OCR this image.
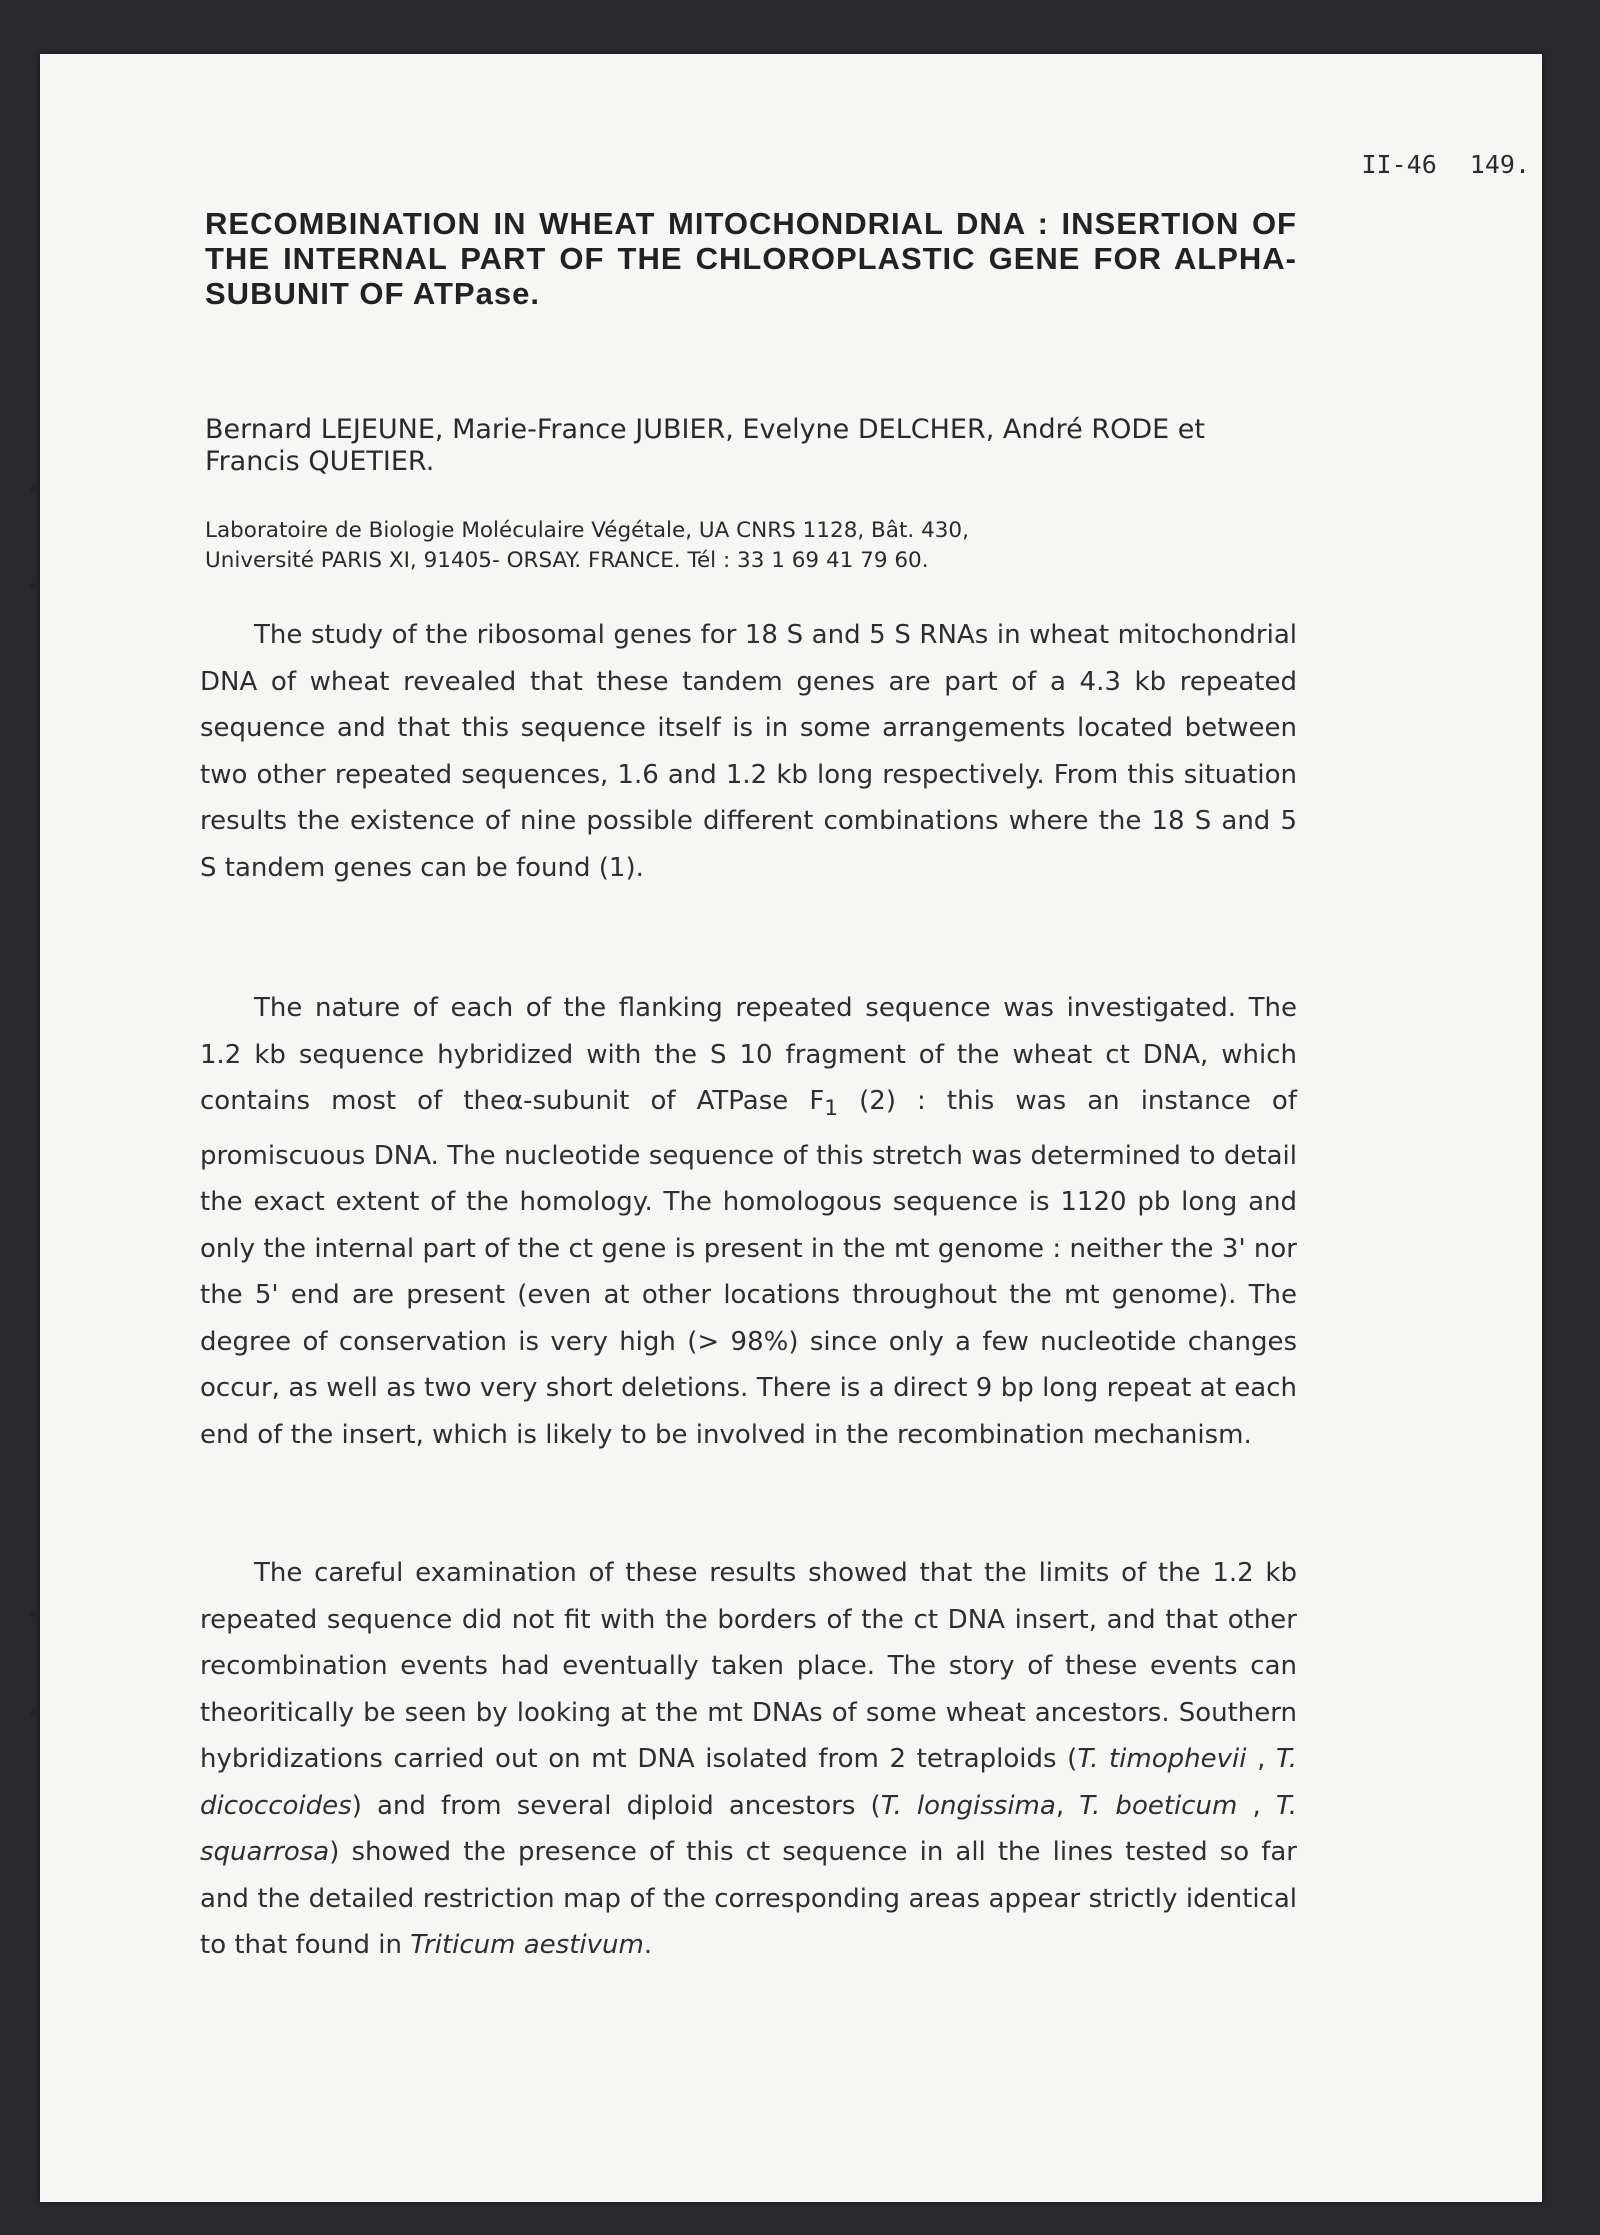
II-46 149.
RECOMBINATION IN WHEAT MITOCHONDRIAL DNA : INSERTION OF THE INTERNAL PART OF THE CHLOROPLASTIC GENE FOR ALPHA-SUBUNIT OF ATPase.

Bernard LEJEUNE, Marie-France JUBIER, Evelyne DELCHER, André RODE et Francis QUETIER.

Laboratoire de Biologie Moléculaire Végétale, UA CNRS 1128, Bât. 430,
Université PARIS XI, 91405- ORSAY. FRANCE. Tél : 33 1 69 41 79 60.

The study of the ribosomal genes for 18 S and 5 S RNAs in wheat mitochondrial DNA of wheat revealed that these tandem genes are part of a 4.3 kb repeated sequence and that this sequence itself is in some arrangements located between two other repeated sequences, 1.6 and 1.2 kb long respectively. From this situation results the existence of nine possible different combinations where the 18 S and 5 S tandem genes can be found (1).

The nature of each of the flanking repeated sequence was investigated. The 1.2 kb sequence hybridized with the S 10 fragment of the wheat ct DNA, which contains most of theα-subunit of ATPase $F_1$ (2) : this was an instance of promiscuous DNA. The nucleotide sequence of this stretch was determined to detail the exact extent of the homology. The homologous sequence is 1120 pb long and only the internal part of the ct gene is present in the mt genome : neither the 3' nor the 5' end are present (even at other locations throughout the mt genome). The degree of conservation is very high (> 98%) since only a few nucleotide changes occur, as well as two very short deletions. There is a direct 9 bp long repeat at each end of the insert, which is likely to be involved in the recombination mechanism.

The careful examination of these results showed that the limits of the 1.2 kb repeated sequence did not fit with the borders of the ct DNA insert, and that other recombination events had eventually taken place. The story of these events can theoritically be seen by looking at the mt DNAs of some wheat ancestors. Southern hybridizations carried out on mt DNA isolated from 2 tetraploids (T. timophevii , T. dicoccoides) and from several diploid ancestors (T. longissima, T. boeticum , T. squarrosa) showed the presence of this ct sequence in all the lines tested so far and the detailed restriction map of the corresponding areas appear strictly identical to that found in Triticum aestivum.
